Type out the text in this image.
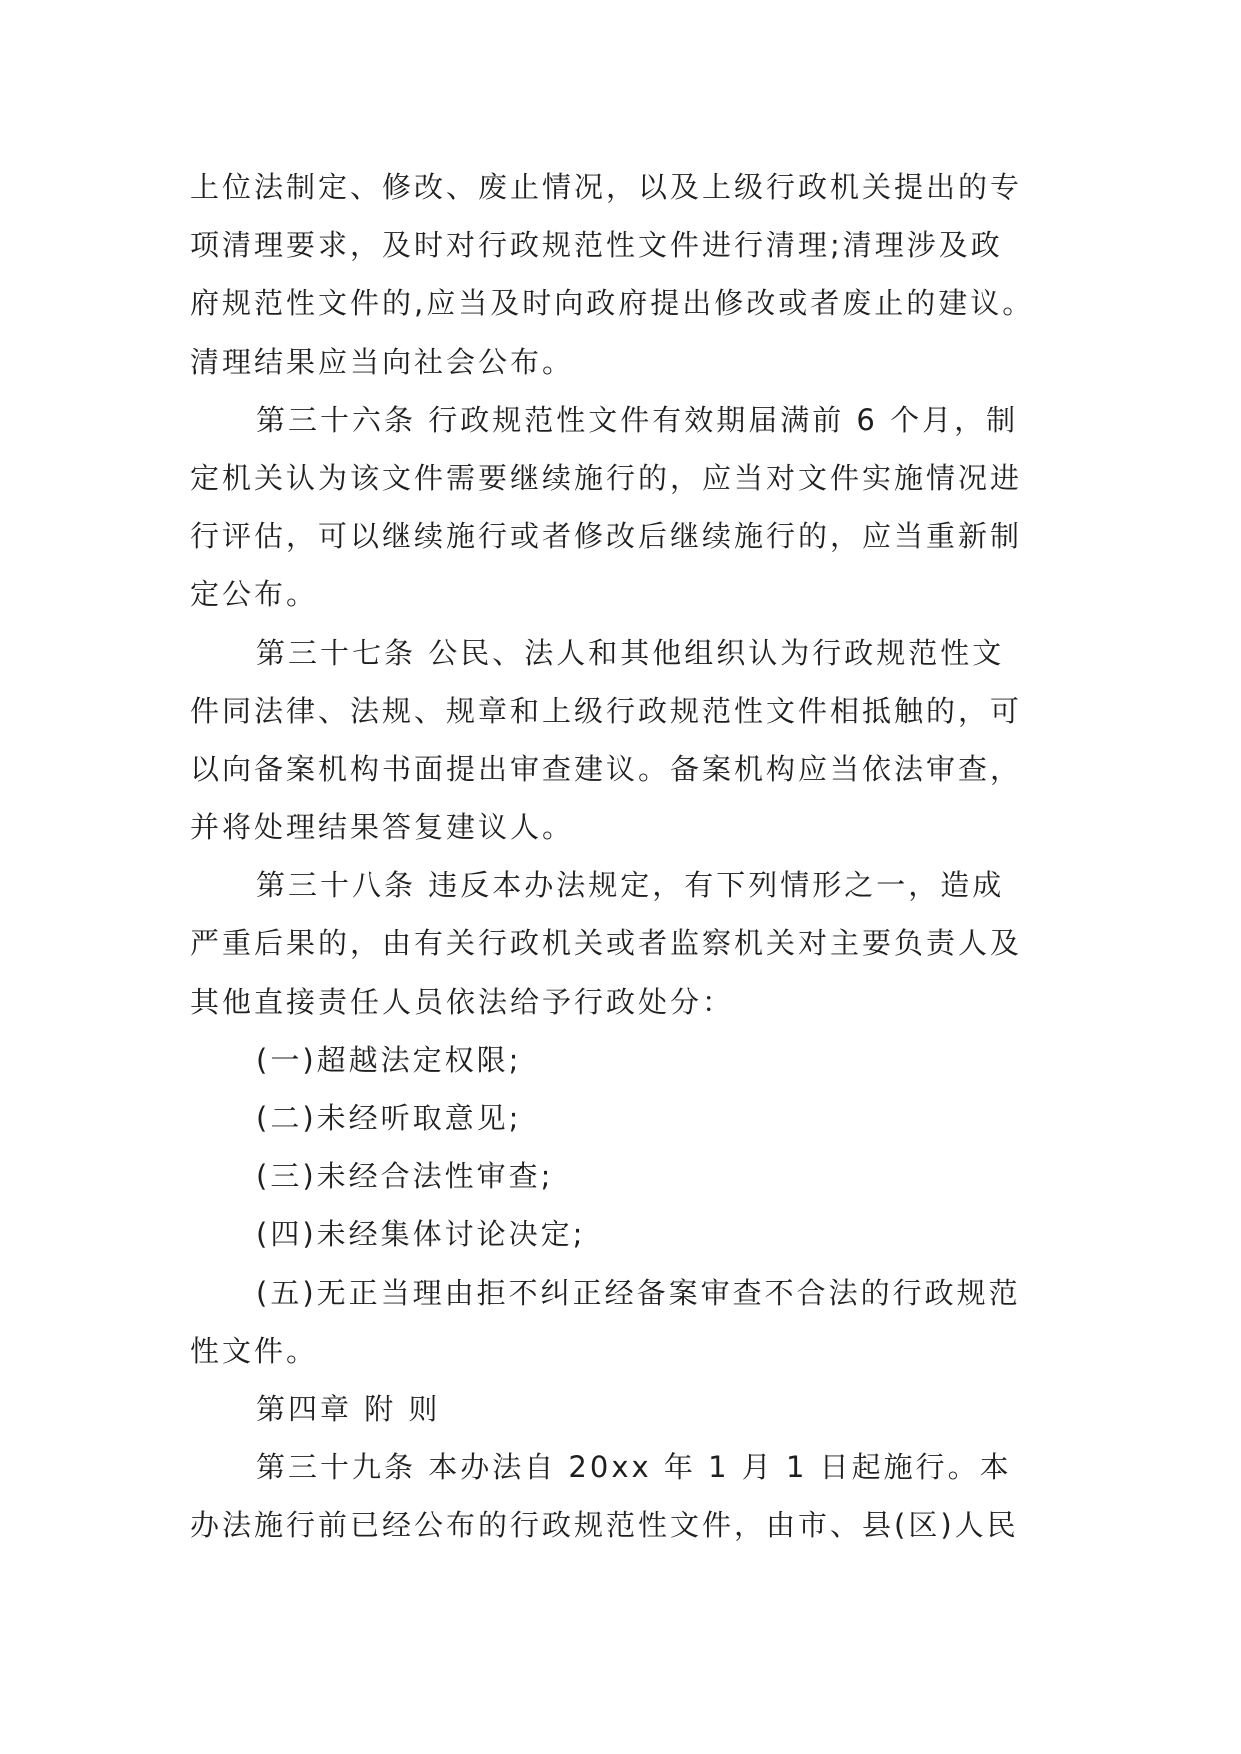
上位法制定、修改、废止情况，以及上级行政机关提出的专
项清理要求，及时对行政规范性文件进行清理;清理涉及政
府规范性文件的,应当及时向政府提出修改或者废止的建议。
清理结果应当向社会公布。
第三十六条 行政规范性文件有效期届满前 6 个月，制
定机关认为该文件需要继续施行的，应当对文件实施情况进
行评估，可以继续施行或者修改后继续施行的，应当重新制
定公布。
第三十七条 公民、法人和其他组织认为行政规范性文
件同法律、法规、规章和上级行政规范性文件相抵触的，可
以向备案机构书面提出审查建议。备案机构应当依法审查，
并将处理结果答复建议人。
第三十八条 违反本办法规定，有下列情形之一，造成
严重后果的，由有关行政机关或者监察机关对主要负责人及
其他直接责任人员依法给予行政处分：
(一)超越法定权限;
(二)未经听取意见;
(三)未经合法性审查;
(四)未经集体讨论决定;
(五)无正当理由拒不纠正经备案审查不合法的行政规范
性文件。
第四章 附 则
第三十九条 本办法自 20xx 年 1 月 1 日起施行。本
办法施行前已经公布的行政规范性文件，由市、县(区)人民
